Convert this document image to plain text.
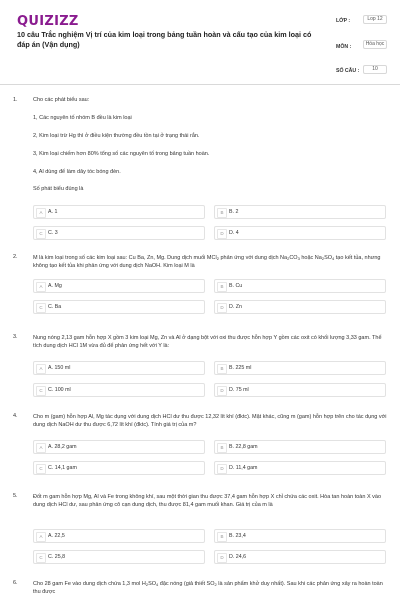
QUIZIZZ
10 câu Trắc nghiệm Vị trí của kim loại trong bảng tuần hoàn và cấu tạo của kim loại có đáp án (Vận dụng)
LỚP :	Lop 12
MÔN :	Hóa học
SỐ CÂU :	10
1.	Cho các phát biểu sau:
1, Các nguyên tố nhóm B đều là kim loại
2, Kim loại trừ Hg thì ở điều kiện thường đều tồn tại ở trạng thái rắn.
3, Kim loại chiếm hơn 80% tổng số các nguyên tố trong bảng tuần hoàn.
4, Al dùng để làm dây tóc bóng đèn.
Số phát biểu đúng là
A	A. 1	B	B. 2
C	C. 3	D	D. 4
2.	M là kim loại trong số các kim loại sau: Cu Ba, Zn, Mg. Dung dịch muối MCl$_2$ phản ứng với dung dịch $Na_2CO_3$ hoặc $Na_2SO_4$ tạo kết tủa, nhưng không tạo kết tủa khi phản ứng với dung dịch NaOH. Kim loại M là
A	A. Mg	B	B. Cu
C	C. Ba	D	D. Zn
3.	Nung nóng 2,13 gam hỗn hợp X gồm 3 kim loại Mg, Zn và Al ở dạng bột với oxi thu được hỗn hợp Y gồm các oxit có khối lượng 3,33 gam. Thể tích dung dịch HCl 1M vừa đủ để phản ứng hết với Y là:
A	A. 150 ml	B	B. 225 ml
C	C. 100 ml	D	D. 75 ml
4.	Cho m (gam) hỗn hợp Al, Mg tác dụng với dung dịch HCl dư thu được 12,32 lít khí (đktc). Mặt khác, cũng m (gam) hỗn hợp trên cho tác dụng với dung dịch NaOH dư thu được 6,72 lít khí (đktc). Tính giá trị của m?
A	A. 28,2 gam	B	B. 22,8 gam
C	C. 14,1 gam	D	D. 11,4 gam
5.	Đốt m gam hỗn hợp Mg, Al và Fe trong không khí, sau một thời gian thu được 37,4 gam hỗn hợp X chỉ chứa các oxit. Hòa tan hoàn toàn X vào dung dịch HCl dư, sau phản ứng cô cạn dung dịch, thu được 81,4 gam muối khan. Giá trị của m là
A	A. 22,5	B	B. 23,4
C	C. 25,8	D	D. 24,6
6.	Cho 28 gam Fe vào dung dịch chứa 1,3 mol $H_2SO_4$ đặc nóng (giả thiết $SO_2$ là sản phẩm khử duy nhất). Sau khi các phản ứng xảy ra hoàn toàn thu được
